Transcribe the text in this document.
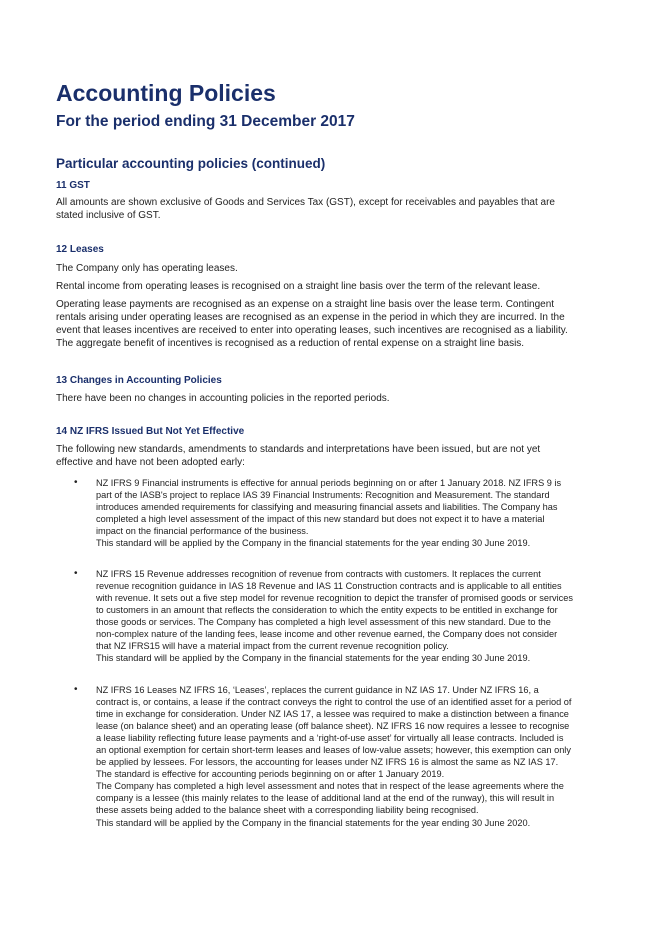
Accounting Policies
For the period ending 31 December 2017
Particular accounting policies (continued)
11 GST

All amounts are shown exclusive of Goods and Services Tax (GST), except for receivables and payables that are
stated inclusive of GST.

12 Leases

The Company only has operating leases.

Rental income from operating leases is recognised on a straight line basis over the term of the relevant lease.

Operating lease payments are recognised as an expense on a straight line basis over the lease term. Contingent
rentals arising under operating leases are recognised as an expense in the period in which they are incurred. In the
event that leases incentives are received to enter into operating leases, such incentives are recognised as a liability.
The aggregate benefit of incentives is recognised as a reduction of rental expense on a straight line basis.

13 Changes in Accounting Policies

There have been no changes in accounting policies in the reported periods.

14 NZ IFRS Issued But Not Yet Effective

The following new standards, amendments to standards and interpretations have been issued, but are not yet
effective and have not been adopted early:

• NZ IFRS 9 Financial instruments is effective for annual periods beginning on or after 1 January 2018. NZ IFRS 9 is
part of the IASB's project to replace IAS 39 Financial Instruments: Recognition and Measurement. The standard
introduces amended requirements for classifying and measuring financial assets and liabilities. The Company has
completed a high level assessment of the impact of this new standard but does not expect it to have a material
impact on the financial performance of the business.
This standard will be applied by the Company in the financial statements for the year ending 30 June 2019.

• NZ IFRS 15 Revenue addresses recognition of revenue from contracts with customers. It replaces the current
revenue recognition guidance in IAS 18 Revenue and IAS 11 Construction contracts and is applicable to all entities
with revenue. It sets out a five step model for revenue recognition to depict the transfer of promised goods or services
to customers in an amount that reflects the consideration to which the entity expects to be entitled in exchange for
those goods or services. The Company has completed a high level assessment of this new standard. Due to the
non-complex nature of the landing fees, lease income and other revenue earned, the Company does not consider
that NZ IFRS15 will have a material impact from the current revenue recognition policy.
This standard will be applied by the Company in the financial statements for the year ending 30 June 2019.

• NZ IFRS 16 Leases NZ IFRS 16, ‘Leases’, replaces the current guidance in NZ IAS 17. Under NZ IFRS 16, a
contract is, or contains, a lease if the contract conveys the right to control the use of an identified asset for a period of
time in exchange for consideration. Under NZ IAS 17, a lessee was required to make a distinction between a finance
lease (on balance sheet) and an operating lease (off balance sheet). NZ IFRS 16 now requires a lessee to recognise
a lease liability reflecting future lease payments and a ‘right-of-use asset’ for virtually all lease contracts. Included is
an optional exemption for certain short-term leases and leases of low-value assets; however, this exemption can only
be applied by lessees. For lessors, the accounting for leases under NZ IFRS 16 is almost the same as NZ IAS 17.
The standard is effective for accounting periods beginning on or after 1 January 2019.
The Company has completed a high level assessment and notes that in respect of the lease agreements where the
company is a lessee (this mainly relates to the lease of additional land at the end of the runway), this will result in
these assets being added to the balance sheet with a corresponding liability being recognised.
This standard will be applied by the Company in the financial statements for the year ending 30 June 2020.
